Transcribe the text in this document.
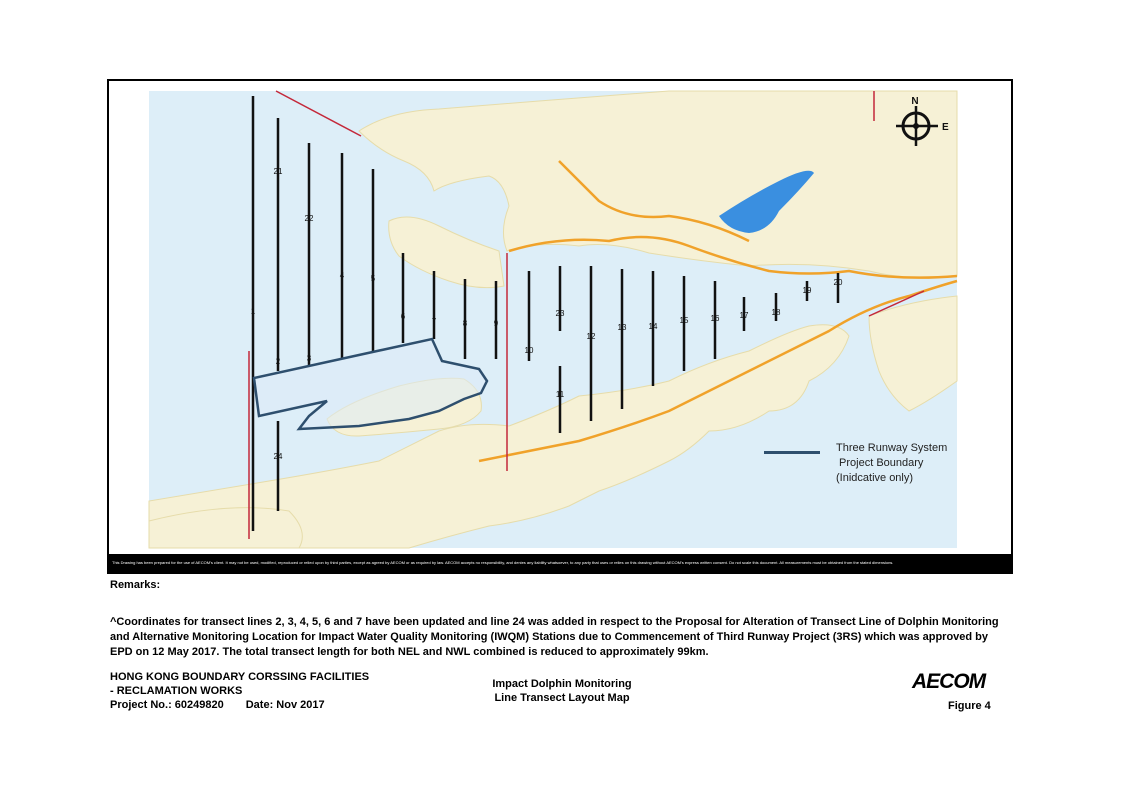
1
2	3
4	5
6
7	8	9
10
11
12
13	14
15	16	17	18
19
20
21
22
23
24
N
E
Three Runway System
Project Boundary
(Inidcative only)
This Drawing has been prepared for the use of AECOM's client. It may not be used, modified, reproduced or relied upon by third parties, except as agreed by AECOM or as required by law. AECOM accepts no responsibility, and denies any liability whatsoever, to any party that uses or relies on this drawing without AECOM's express written consent. Do not scale this document. All measurements must be obtained from the stated dimensions.
Remarks:
^Coordinates for transect lines 2, 3, 4, 5, 6 and 7 have been updated and line 24 was added in respect to the Proposal for Alteration of Transect Line of Dolphin Monitoring and Alternative Monitoring Location for Impact Water Quality Monitoring (IWQM) Stations due to Commencement of Third Runway Project (3RS) which was approved by EPD on 12 May 2017. The total transect length for both NEL and NWL combined is reduced to approximately 99km.
HONG KONG BOUNDARY CORSSING FACILITIES
- RECLAMATION WORKS
Project No.: 60249820 Date: Nov 2017
Impact Dolphin Monitoring
Line Transect Layout Map
AECOM
Figure 4
